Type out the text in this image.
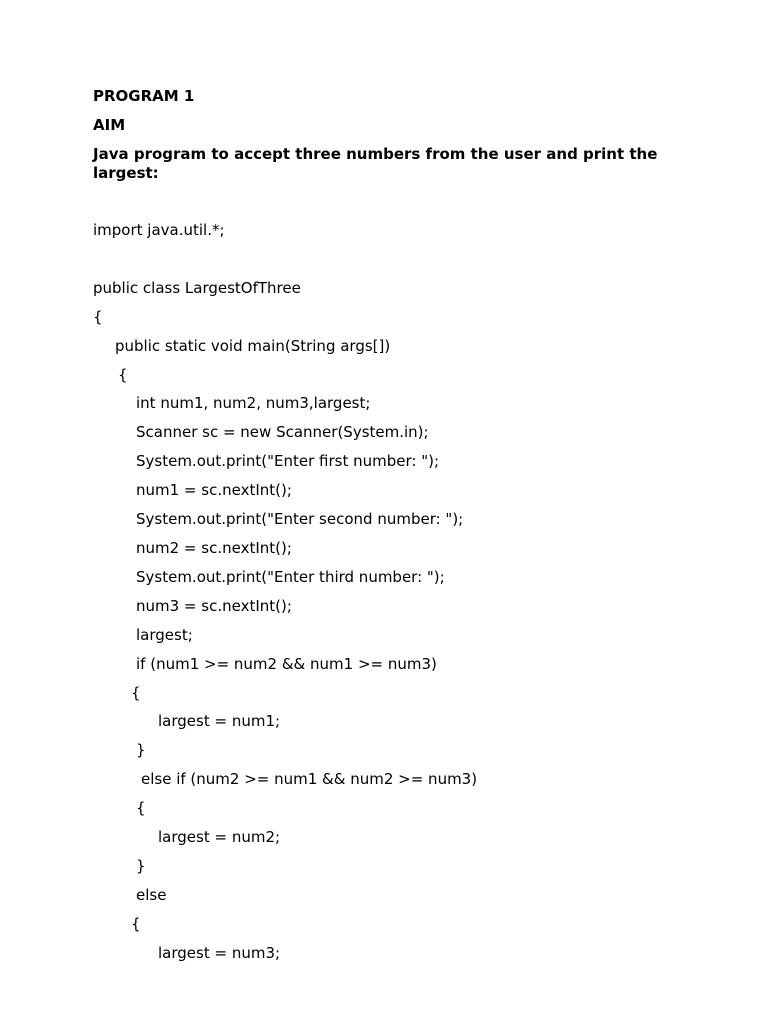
PROGRAM 1
AIM
Java program to accept three numbers from the user and print the largest:
import java.util.*;
public class LargestOfThree
{
public static void main(String args[])
{
int num1, num2, num3,largest;
Scanner sc = new Scanner(System.in);
System.out.print("Enter first number: ");
num1 = sc.nextInt();
System.out.print("Enter second number: ");
num2 = sc.nextInt();
System.out.print("Enter third number: ");
num3 = sc.nextInt();
largest;
if (num1 >= num2 && num1 >= num3)
{
largest = num1;
}
else if (num2 >= num1 && num2 >= num3)
{
largest = num2;
}
else
{
largest = num3;
